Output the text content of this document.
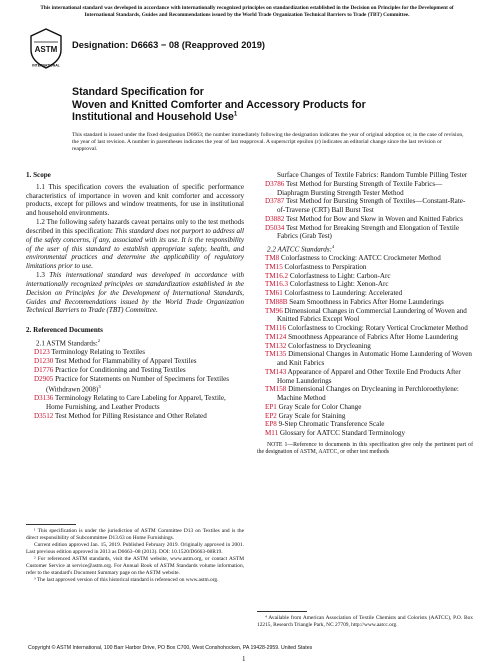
This international standard was developed in accordance with internationally recognized principles on standardization established in the Decision on Principles for the Development of International Standards, Guides and Recommendations issued by the World Trade Organization Technical Barriers to Trade (TBT) Committee.
ASTM
INTERNATIONAL
Designation: D6663 − 08 (Reapproved 2019)
Standard Specification for
Woven and Knitted Comforter and Accessory Products for
Institutional and Household Use$^1$
This standard is issued under the fixed designation D6663; the number immediately following the designation indicates the year of original adoption or, in the case of revision, the year of last revision. A number in parentheses indicates the year of last reapproval. A superscript epsilon (ε) indicates an editorial change since the last revision or reapproval.
1. Scope
1.1 This specification covers the evaluation of specific performance characteristics of importance in woven and knit comforter and accessory products, except for pillows and window treatments, for use in institutional and household environments.
1.2 The following safety hazards caveat pertains only to the test methods described in this specification: This standard does not purport to address all of the safety concerns, if any, associated with its use. It is the responsibility of the user of this standard to establish appropriate safety, health, and environmental practices and determine the applicability of regulatory limitations prior to use.
1.3 This international standard was developed in accordance with internationally recognized principles on standardization established in the Decision on Principles for the Development of International Standards, Guides and Recommendations issued by the World Trade Organization Technical Barriers to Trade (TBT) Committee.
2. Referenced Documents
2.1 ASTM Standards:$^2$
D123 Terminology Relating to Textiles
D1230 Test Method for Flammability of Apparel Textiles
D1776 Practice for Conditioning and Testing Textiles
D2905 Practice for Statements on Number of Specimens for Textiles (Withdrawn 2008)$^3$
D3136 Terminology Relating to Care Labeling for Apparel, Textile, Home Furnishing, and Leather Products
D3512 Test Method for Pilling Resistance and Other Related
Surface Changes of Textile Fabrics: Random Tumble Pilling Tester
D3786 Test Method for Bursting Strength of Textile Fabrics—Diaphragm Bursting Strength Tester Method
D3787 Test Method for Bursting Strength of Textiles—Constant-Rate-of-Traverse (CRT) Ball Burst Test
D3882 Test Method for Bow and Skew in Woven and Knitted Fabrics
D5034 Test Method for Breaking Strength and Elongation of Textile Fabrics (Grab Test)
2.2 AATCC Standards:$^4$
TM8 Colorfastness to Crocking: AATCC Crockmeter Method
TM15 Colorfastness to Perspiration
TM16.2 Colorfastness to Light: Carbon-Arc
TM16.3 Colorfastness to Light: Xenon-Arc
TM61 Colorfastness to Laundering: Accelerated
TM88B Seam Smoothness in Fabrics After Home Launderings
TM96 Dimensional Changes in Commercial Laundering of Woven and Knitted Fabrics Except Wool
TM116 Colorfastness to Crocking: Rotary Vertical Crockmeter Method
TM124 Smoothness Appearance of Fabrics After Home Laundering
TM132 Colorfastness to Drycleaning
TM135 Dimensional Changes in Automatic Home Laundering of Woven and Knit Fabrics
TM143 Appearance of Apparel and Other Textile End Products After Home Launderings
TM158 Dimensional Changes on Drycleaning in Perchloroethylene: Machine Method
EP1 Gray Scale for Color Change
EP2 Gray Scale for Staining
EP8 9-Step Chromatic Transference Scale
M11 Glossary for AATCC Standard Terminology
NOTE 1—Reference to documents in this specification give only the pertinent part of the designation of ASTM, AATCC, or other test methods
¹ This specification is under the jurisdiction of ASTM Committee D13 on Textiles and is the direct responsibility of Subcommittee D13.63 on Home Furnishings.
Current edition approved Jan. 15, 2019. Published February 2019. Originally approved in 2001. Last previous edition approved in 2013 as D6663–08 (2013). DOI: 10.1520/D6663-08R19.
² For referenced ASTM standards, visit the ASTM website, www.astm.org, or contact ASTM Customer Service at service@astm.org. For Annual Book of ASTM Standards volume information, refer to the standard's Document Summary page on the ASTM website.
³ The last approved version of this historical standard is referenced on www.astm.org.
⁴ Available from American Association of Textile Chemists and Colorists (AATCC), P.O. Box 12215, Research Triangle Park, NC 27709, http://www.aatcc.org.
Copyright © ASTM International, 100 Barr Harbor Drive, PO Box C700, West Conshohocken, PA 19428-2959. United States
1
